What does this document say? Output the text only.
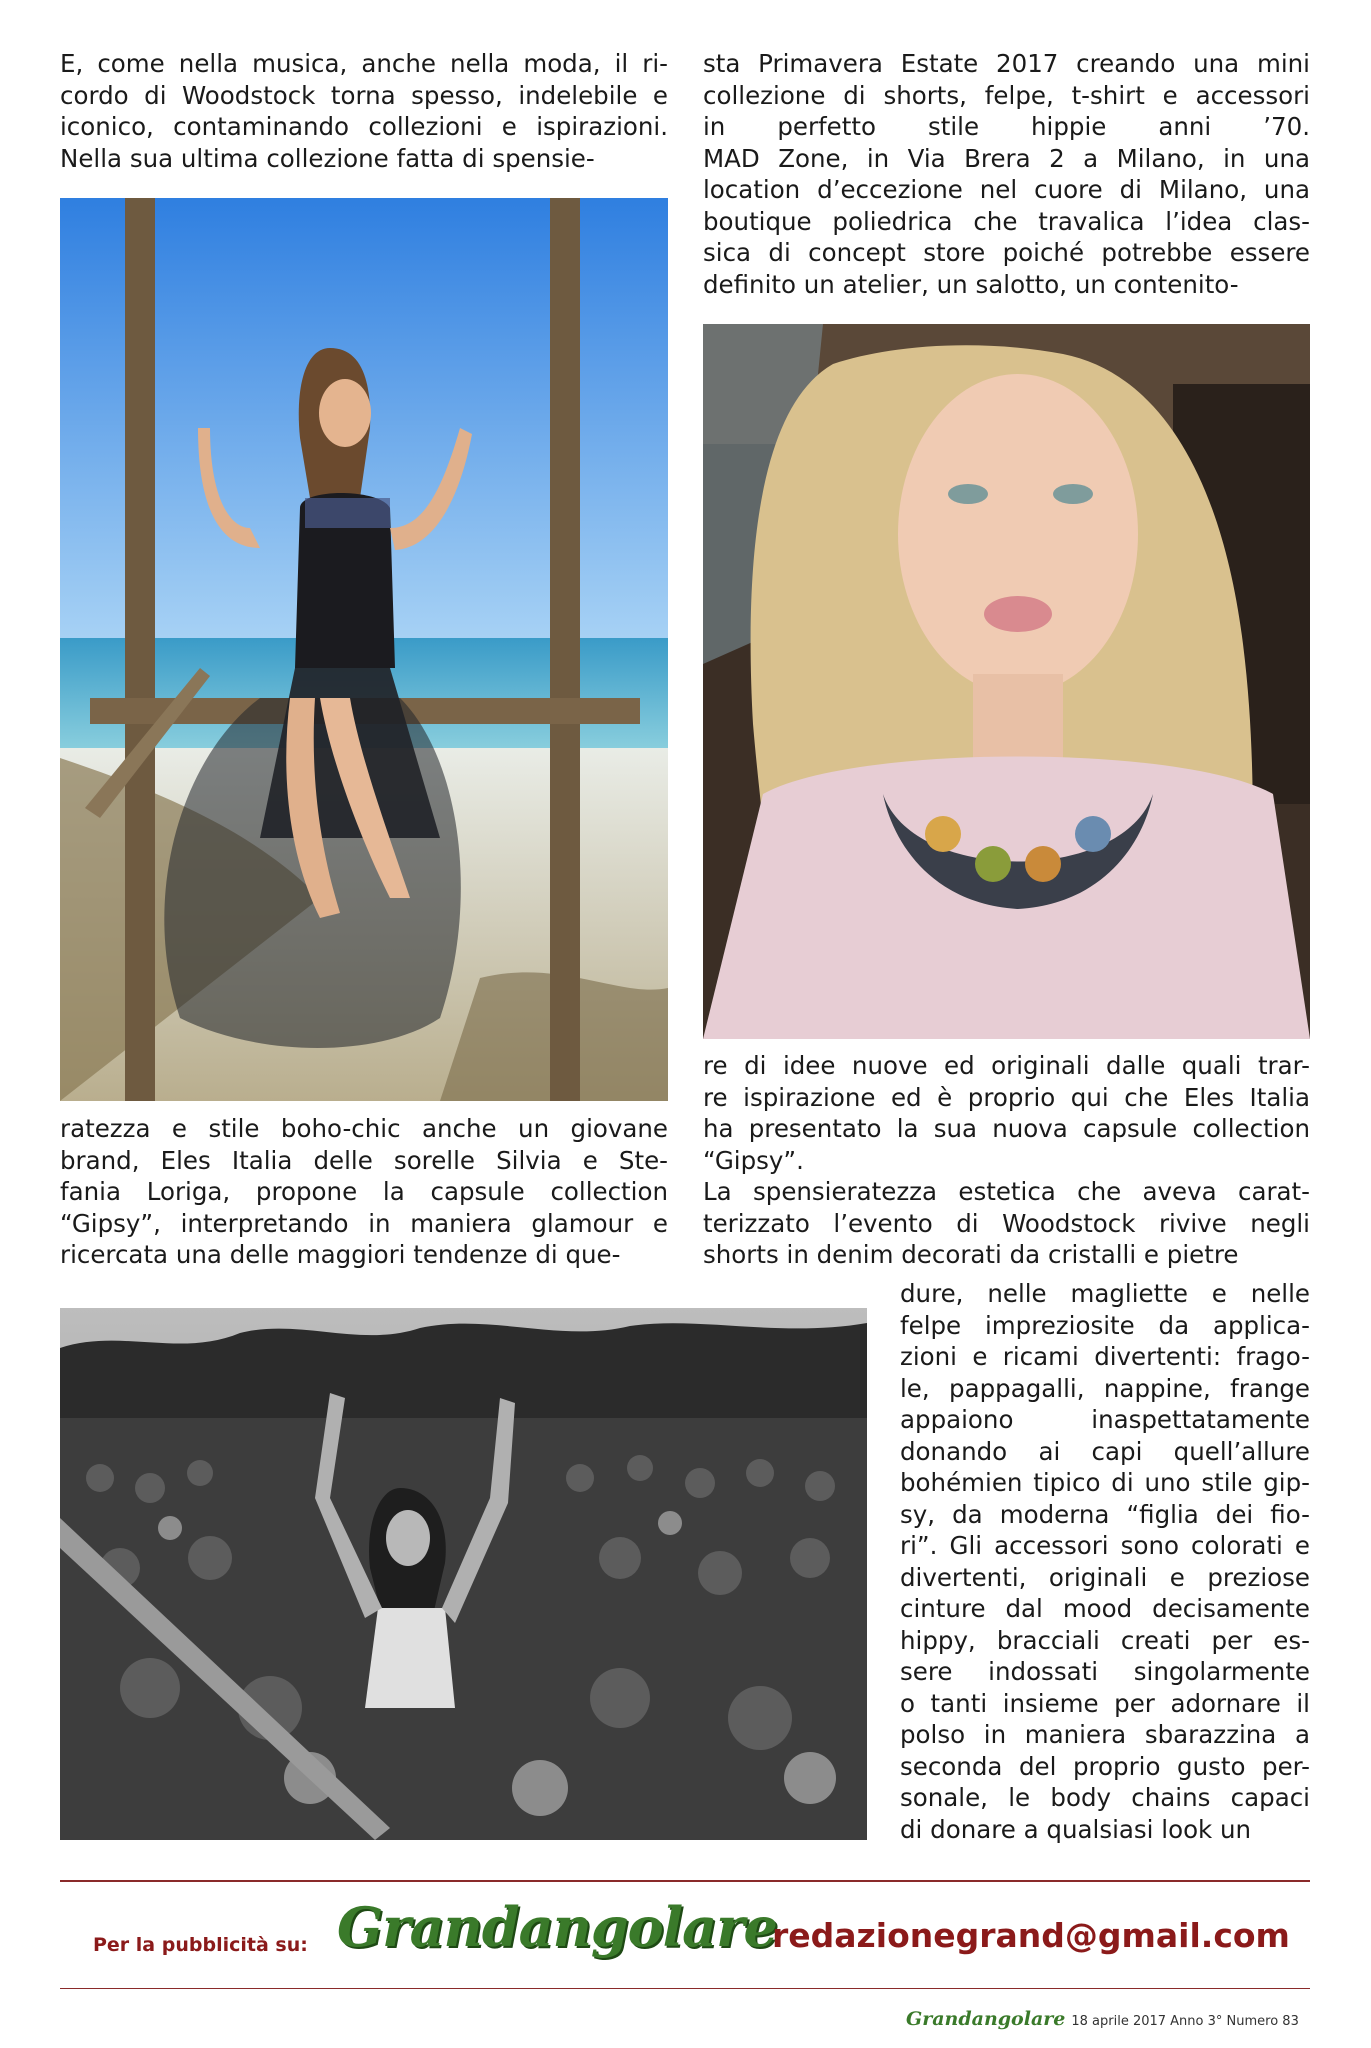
E, come nella musica, anche nella moda, il ri-
cordo di Woodstock torna spesso, indelebile e
iconico, contaminando collezioni e ispirazioni.
Nella sua ultima collezione fatta di spensie-
ratezza e stile boho-chic anche un giovane
brand, Eles Italia delle sorelle Silvia e Ste-
fania Loriga, propone la capsule collection
“Gipsy”, interpretando in maniera glamour e
ricercata una delle maggiori tendenze di que-
sta Primavera Estate 2017 creando una mini
collezione di shorts, felpe, t-shirt e accessori
in perfetto stile hippie anni ’70.
MAD Zone, in Via Brera 2 a Milano, in una
location d’eccezione nel cuore di Milano, una
boutique poliedrica che travalica l’idea clas-
sica di concept store poiché potrebbe essere
definito un atelier, un salotto, un contenito-
re di idee nuove ed originali dalle quali trar-
re ispirazione ed è proprio qui che Eles Italia
ha presentato la sua nuova capsule collection
“Gipsy”.
La spensieratezza estetica che aveva carat-
terizzato l’evento di Woodstock rivive negli
shorts in denim decorati da cristalli e pietre
dure, nelle magliette e nelle
felpe impreziosite da applica-
zioni e ricami divertenti: frago-
le, pappagalli, nappine, frange
appaiono inaspettatamente
donando ai capi quell’allure
bohémien tipico di uno stile gip-
sy, da moderna “figlia dei fio-
ri”. Gli accessori sono colorati e
divertenti, originali e preziose
cinture dal mood decisamente
hippy, bracciali creati per es-
sere indossati singolarmente
o tanti insieme per adornare il
polso in maniera sbarazzina a
seconda del proprio gusto per-
sonale, le body chains capaci
di donare a qualsiasi look un
Per la pubblicità su: Grandangolare
redazionegrand@gmail.com
Grandangolare 18 aprile 2017 Anno 3° Numero 83
